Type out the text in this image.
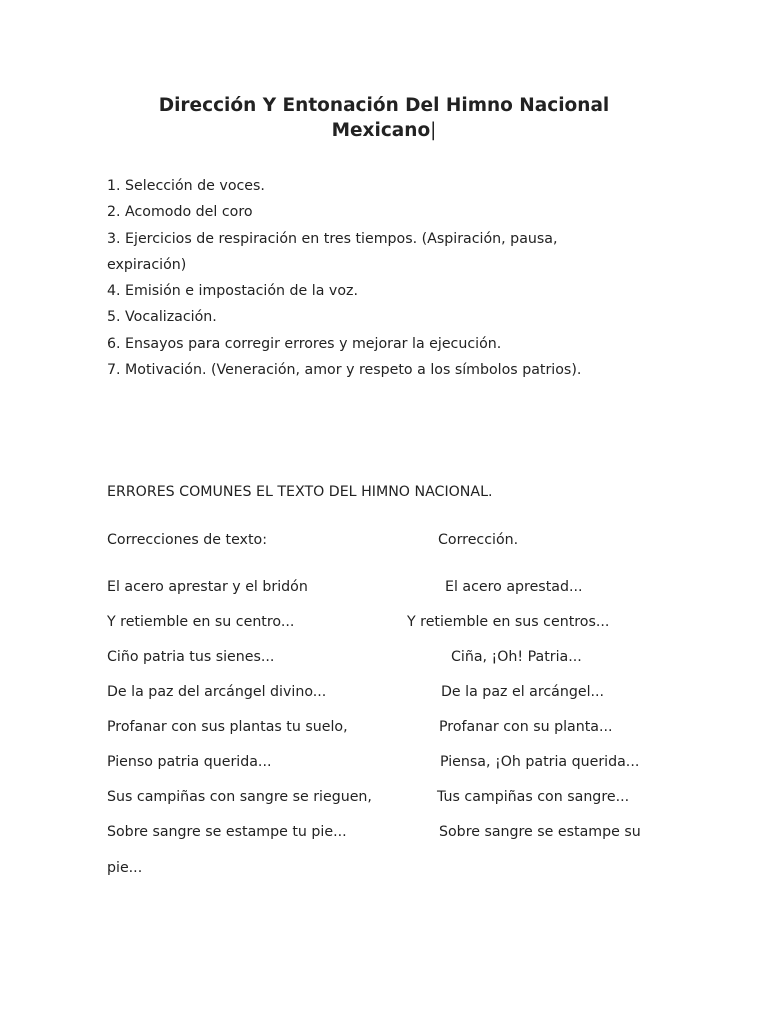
Dirección Y Entonación Del Himno Nacional
Mexicano|
1. Selección de voces.
2. Acomodo del coro
3. Ejercicios de respiración en tres tiempos. (Aspiración, pausa,
expiración)
4. Emisión e impostación de la voz.
5. Vocalización.
6. Ensayos para corregir errores y mejorar la ejecución.
7. Motivación. (Veneración, amor y respeto a los símbolos patrios).
ERRORES COMUNES EL TEXTO DEL HIMNO NACIONAL.
Correcciones de texto:	Corrección.
El acero aprestar y el bridón	El acero aprestad...
Y retiemble en su centro...	Y retiemble en sus centros...
Ciño patria tus sienes...	Ciña, ¡Oh! Patria...
De la paz del arcángel divino...	De la paz el arcángel...
Profanar con sus plantas tu suelo,	Profanar con su planta...
Pienso patria querida...	Piensa, ¡Oh patria querida...
Sus campiñas con sangre se rieguen,	Tus campiñas con sangre...
Sobre sangre se estampe tu pie...	Sobre sangre se estampe su
pie...
